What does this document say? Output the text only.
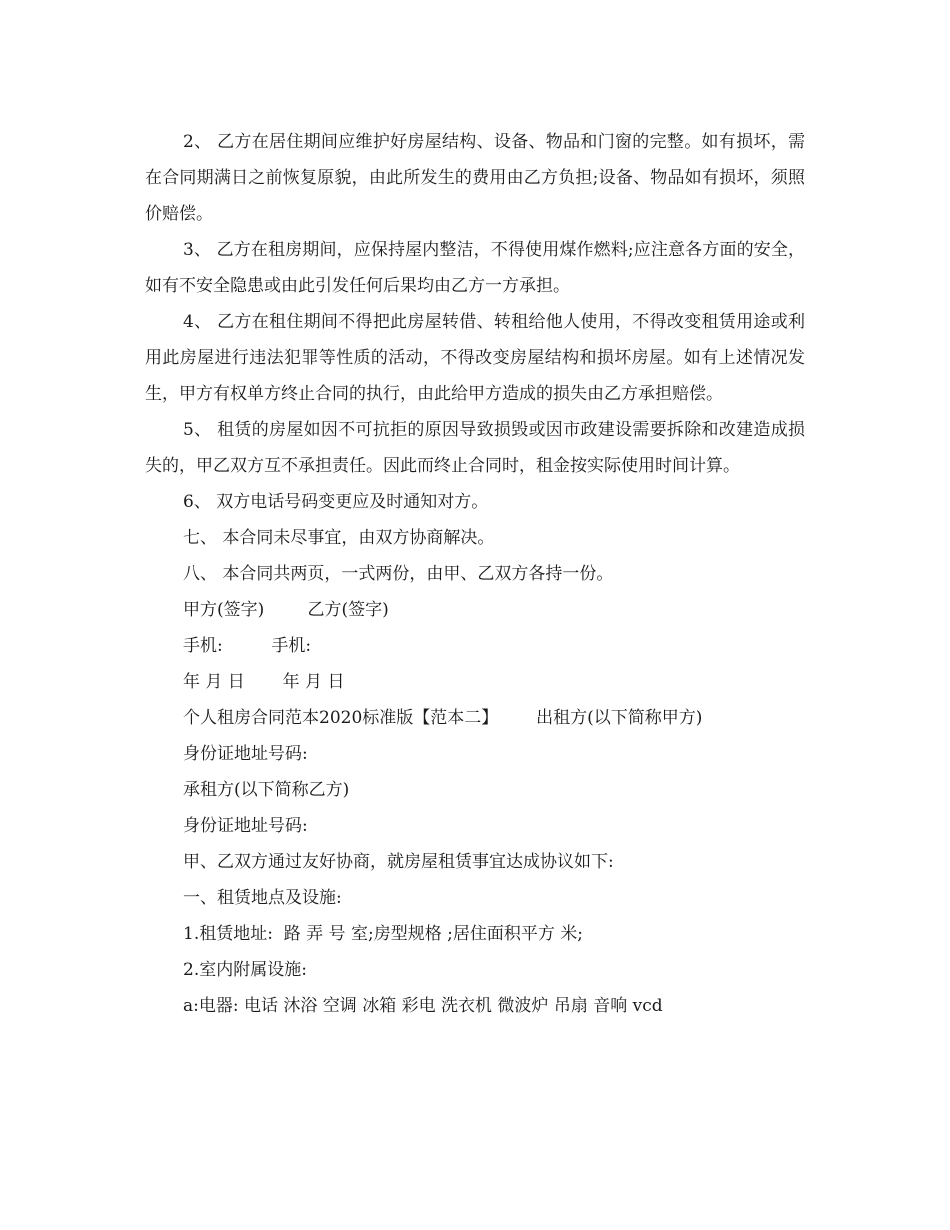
2、 乙方在居住期间应维护好房屋结构、设备、物品和门窗的完整。如有损坏，需在合同期满日之前恢复原貌，由此所发生的费用由乙方负担;设备、物品如有损坏，须照价赔偿。

3、 乙方在租房期间，应保持屋内整洁，不得使用煤作燃料;应注意各方面的安全，如有不安全隐患或由此引发任何后果均由乙方一方承担。

4、 乙方在租住期间不得把此房屋转借、转租给他人使用，不得改变租赁用途或利用此房屋进行违法犯罪等性质的活动，不得改变房屋结构和损坏房屋。如有上述情况发生，甲方有权单方终止合同的执行，由此给甲方造成的损失由乙方承担赔偿。

5、 租赁的房屋如因不可抗拒的原因导致损毁或因市政建设需要拆除和改建造成损失的，甲乙双方互不承担责任。因此而终止合同时，租金按实际使用时间计算。

6、 双方电话号码变更应及时通知对方。

七、 本合同未尽事宜，由双方协商解决。

八、 本合同共两页，一式两份，由甲、乙双方各持一份。

甲方(签字)        乙方(签字)

手机:         手机:

年 月 日       年 月 日

个人租房合同范本2020标准版【范本二】       出租方(以下简称甲方)

身份证地址号码:

承租方(以下简称乙方)

身份证地址号码:

甲、乙双方通过友好协商，就房屋租赁事宜达成协议如下:

一、租赁地点及设施:

1.租赁地址:  路 弄 号 室;房型规格 ;居住面积平方 米;

2.室内附属设施:

a:电器: 电话 沐浴 空调 冰箱 彩电 洗衣机 微波炉 吊扇 音响 vcd
